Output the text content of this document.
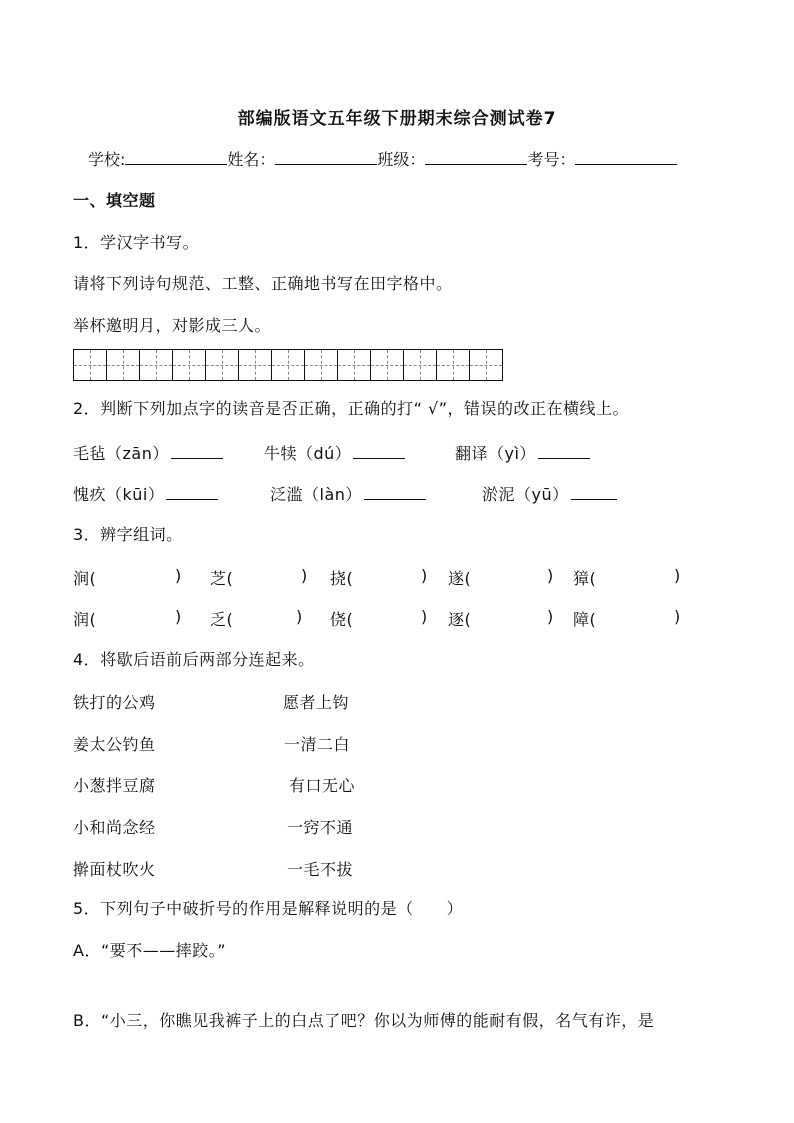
部编版语文五年级下册期末综合测试卷7
学校:	姓名：	班级：	考号：
一、填空题
1．学汉字书写。
请将下列诗句规范、工整、正确地书写在田字格中。
举杯邀明月，对影成三人。
2．判断下列加点字的读音是否正确，正确的打“ √”，错误的改正在横线上。
毛毡（zān）	牛犊（dú）	翻译（yì）
愧疚（kūi）	泛滥（làn）	淤泥（yū）
3．辨字组词。
涧(	) 芝(	) 挠(	) 遂(	) 獐(	)
润(	) 乏(	) 侥(	) 逐(	) 障(	)
4．将歇后语前后两部分连起来。
铁打的公鸡	愿者上钩
姜太公钓鱼	一清二白
小葱拌豆腐	有口无心
小和尚念经	一窍不通
擀面杖吹火	一毛不拔
5．下列句子中破折号的作用是解释说明的是（　　）
A．“要不——摔跤。”
B．“小三，你瞧见我裤子上的白点了吧？你以为师傅的能耐有假，名气有诈，是
